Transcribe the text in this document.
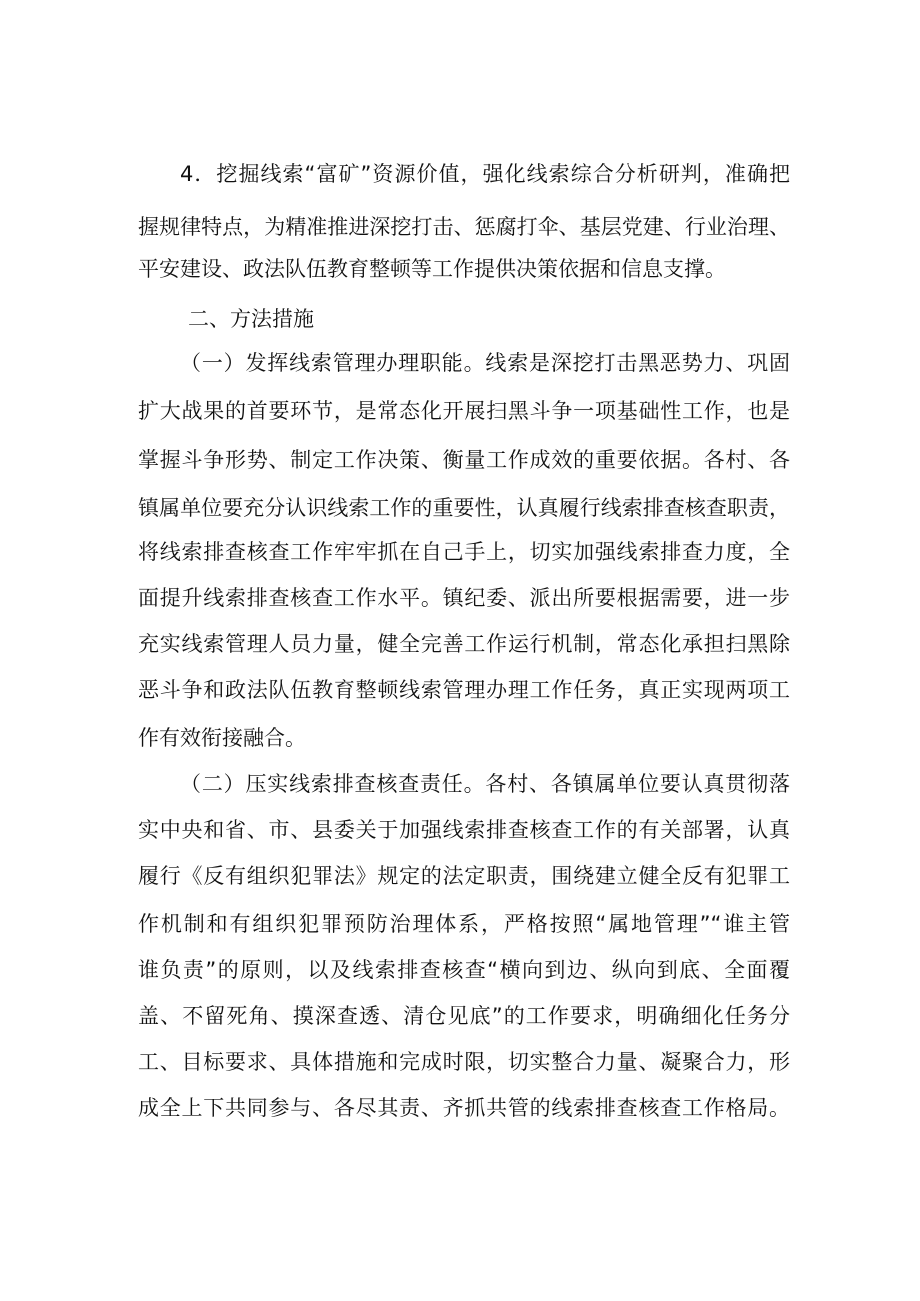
4．挖掘线索“富矿”资源价值，强化线索综合分析研判，准确把
握规律特点，为精准推进深挖打击、惩腐打伞、基层党建、行业治理、
平安建设、政法队伍教育整顿等工作提供决策依据和信息支撑。
二、方法措施
（一）发挥线索管理办理职能。线索是深挖打击黑恶势力、巩固
扩大战果的首要环节，是常态化开展扫黑斗争一项基础性工作，也是
掌握斗争形势、制定工作决策、衡量工作成效的重要依据。各村、各
镇属单位要充分认识线索工作的重要性，认真履行线索排查核查职责，
将线索排查核查工作牢牢抓在自己手上，切实加强线索排查力度，全
面提升线索排查核查工作水平。镇纪委、派出所要根据需要，进一步
充实线索管理人员力量，健全完善工作运行机制，常态化承担扫黑除
恶斗争和政法队伍教育整顿线索管理办理工作任务，真正实现两项工
作有效衔接融合。
（二）压实线索排查核查责任。各村、各镇属单位要认真贯彻落
实中央和省、市、县委关于加强线索排查核查工作的有关部署，认真
履行《反有组织犯罪法》规定的法定职责，围绕建立健全反有犯罪工
作机制和有组织犯罪预防治理体系，严格按照“属地管理”“谁主管
谁负责”的原则，以及线索排查核查“横向到边、纵向到底、全面覆
盖、不留死角、摸深查透、清仓见底”的工作要求，明确细化任务分
工、目标要求、具体措施和完成时限，切实整合力量、凝聚合力，形
成全上下共同参与、各尽其责、齐抓共管的线索排查核查工作格局。
